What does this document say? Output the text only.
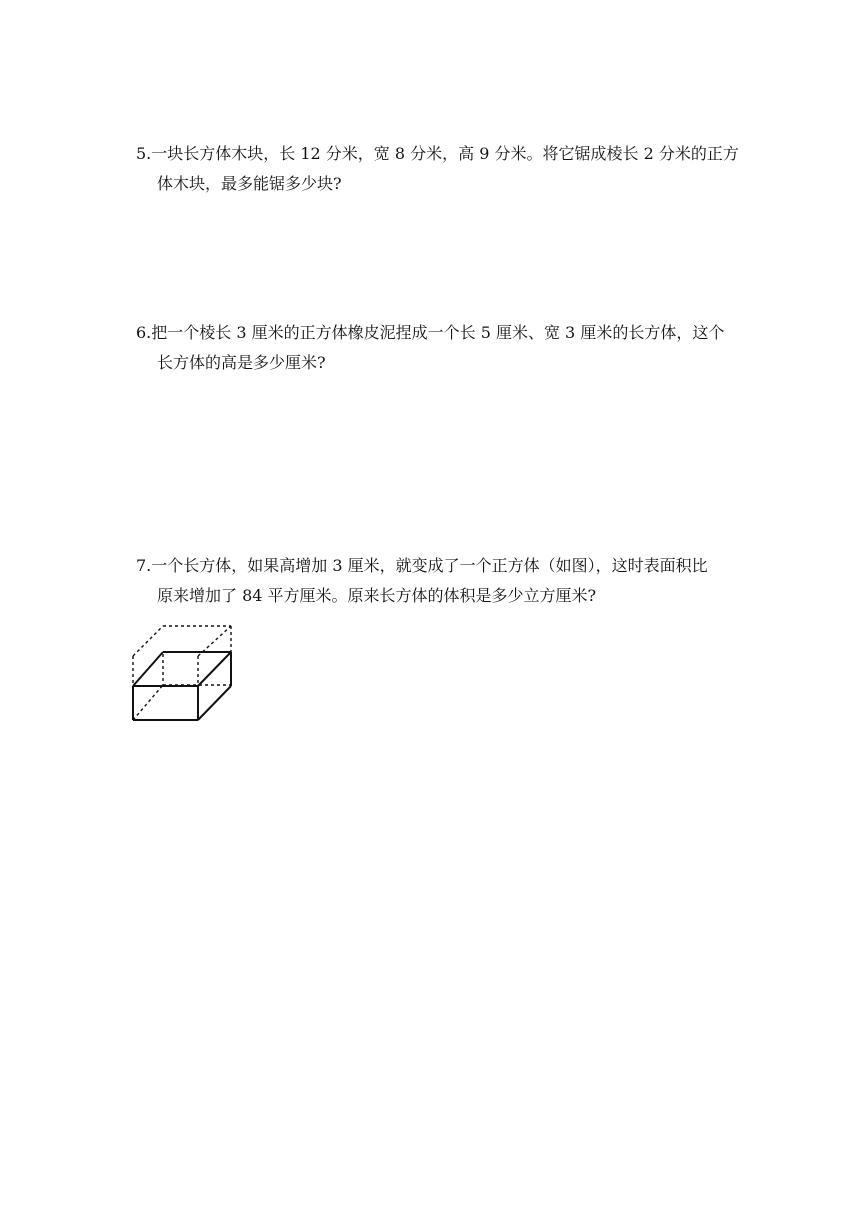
5.一块长方体木块，长 12 分米，宽 8 分米，高 9 分米。将它锯成棱长 2 分米的正方
体木块，最多能锯多少块?
6.把一个棱长 3 厘米的正方体橡皮泥捏成一个长 5 厘米、宽 3 厘米的长方体，这个
长方体的高是多少厘米?
7.一个长方体，如果高增加 3 厘米，就变成了一个正方体（如图），这时表面积比
原来增加了 84 平方厘米。原来长方体的体积是多少立方厘米?
